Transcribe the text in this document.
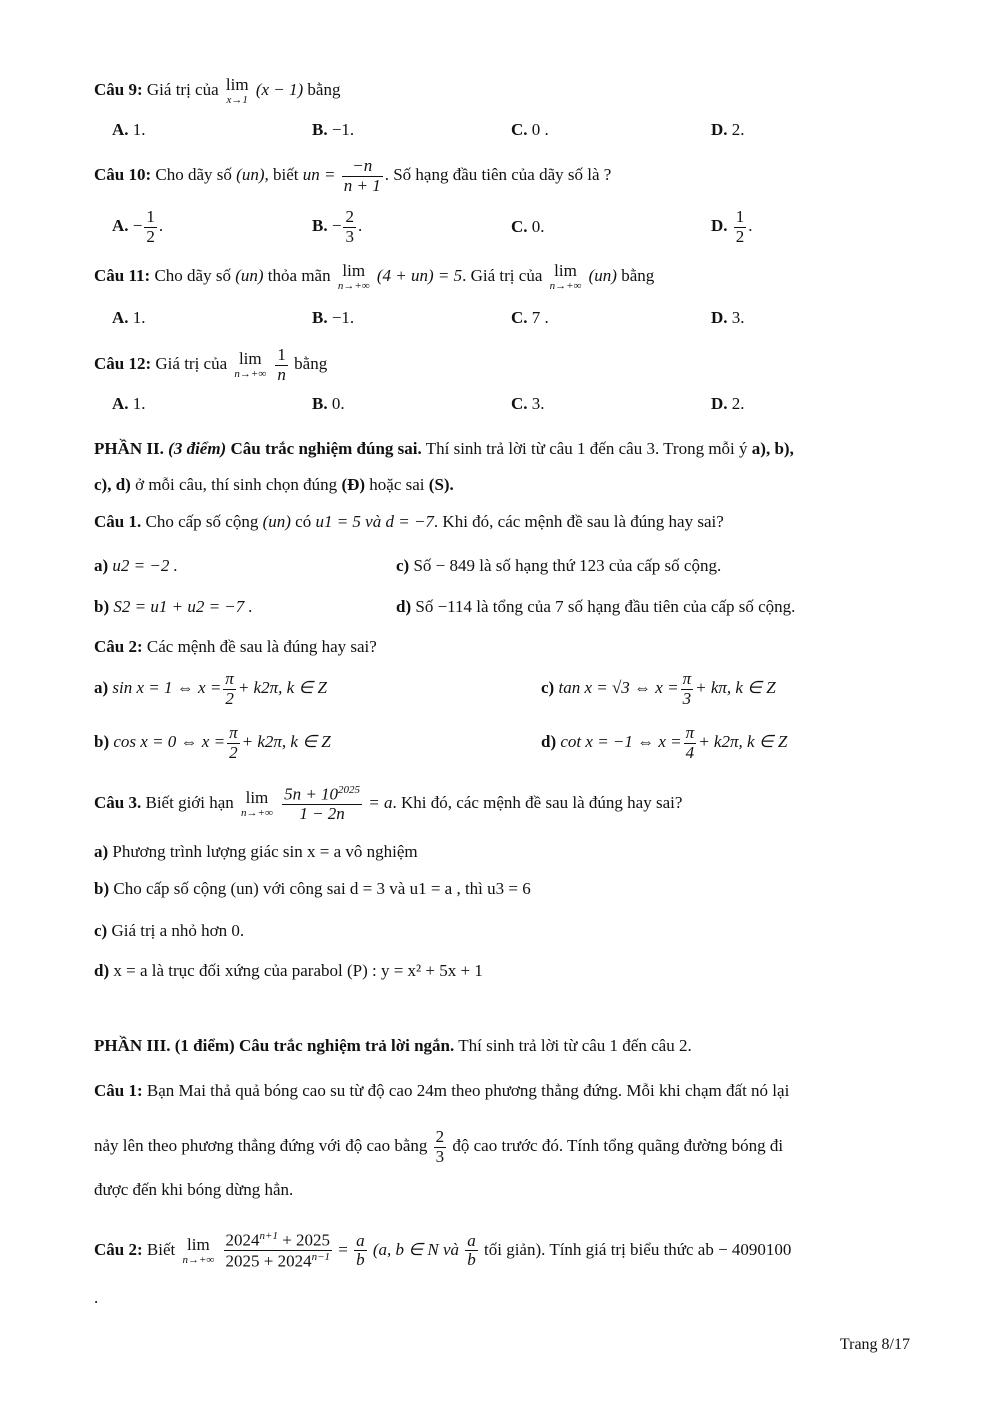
Câu 9: Giá trị của lim
x→1
(x − 1) bằng
A. 1.	B. −1.	C. 0 .	D. 2.
Câu 10: Cho dãy số (un), biết un = $\frac{-n}{n + 1}$ . Số hạng đầu tiên của dãy số là ?
A. − $\frac{1}{2}$ .	B. − $\frac{2}{3}$ .	C. 0.	D. $\frac{1}{2}$ .
Câu 11: Cho dãy số (un) thỏa mãn lim
n→+∞
(4 + un) = 5. Giá trị của lim
n→+∞
(un) bằng
A. 1.	B. −1.	C. 7 .	D. 3.
Câu 12: Giá trị của lim
n→+∞
$\frac{1}{n}$ bằng
A. 1.	B. 0.	C. 3.	D. 2.
PHẦN II. (3 điểm) Câu trắc nghiệm đúng sai. Thí sinh trả lời từ câu 1 đến câu 3. Trong mỗi ý a), b),
c), d) ở mỗi câu, thí sinh chọn đúng (Đ) hoặc sai (S).
Câu 1. Cho cấp số cộng (un) có u1 = 5 và d = −7. Khi đó, các mệnh đề sau là đúng hay sai?
a) u2 = −2 .	c) Số − 849 là số hạng thứ 123 của cấp số cộng.
b) S2 = u1 + u2 = −7 .	d) Số −114 là tổng của 7 số hạng đầu tiên của cấp số cộng.
Câu 2: Các mệnh đề sau là đúng hay sai?
a) sin x = 1 ⇔ $x = \frac{\pi}{2} + k2\pi$, k ∈ Z	c) tan x = √3 ⇔ $x = \frac{\pi}{3} + k\pi$, k ∈ Z
b) cos x = 0 ⇔ $x = \frac{\pi}{2} + k2\pi$, k ∈ Z	d) cot x = −1 ⇔ $x = \frac{\pi}{4} + k2\pi$, k ∈ Z
Câu 3. Biết giới hạn lim
n→+∞
$\frac{5n + 10^{2025}}{1 - 2n} = a$. Khi đó, các mệnh đề sau là đúng hay sai?
a) Phương trình lượng giác sin x = a vô nghiệm
b) Cho cấp số cộng (un) với công sai d = 3 và u1 = a , thì u3 = 6
c) Giá trị a nhỏ hơn 0.
d) x = a là trục đối xứng của parabol (P) : y = x² + 5x + 1
PHẦN III. (1 điểm) Câu trắc nghiệm trả lời ngắn. Thí sinh trả lời từ câu 1 đến câu 2.
Câu 1: Bạn Mai thả quả bóng cao su từ độ cao 24m theo phương thẳng đứng. Mỗi khi chạm đất nó lại
nảy lên theo phương thẳng đứng với độ cao bằng $\frac{2}{3}$ độ cao trước đó. Tính tổng quãng đường bóng đi
được đến khi bóng dừng hẳn.
Câu 2: Biết lim
n→+∞
$\frac{2024^{n+1} + 2025}{2025 + 2024^{n-1}} = \frac{a}{b} (a$, b ∈ N và $\frac{a}{b}$ tối giản). Tính giá trị biểu thức ab − 4090100
.
Trang 8/17
